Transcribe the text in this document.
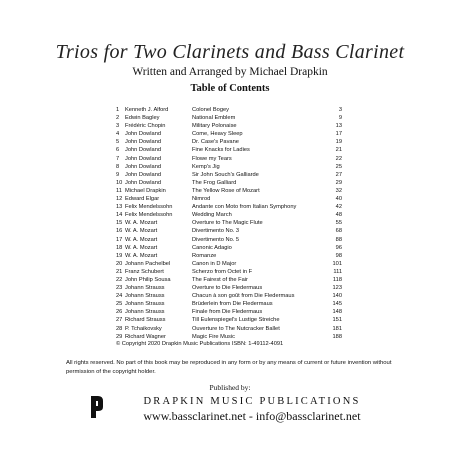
Trios for Two Clarinets and Bass Clarinet
Written and Arranged by Michael Drapkin
Table of Contents
1 Kenneth J. Alford	Colonel Bogey	3
2 Edwin Bagley	National Emblem	9
3 Frédéric Chopin	Military Polonaise	13
4 John Dowland	Come, Heavy Sleep	17
5 John Dowland	Dr. Case's Pavane	19
6 John Dowland	Fine Knacks for Ladies	21
7 John Dowland	Flowe my Tears	22
8 John Dowland	Kemp's Jig	25
9 John Dowland	Sir John Souch's Galliarde	27
10 John Dowland	The Frog Galliard	29
11 Michael Drapkin	The Yellow Rose of Mozart	32
12 Edward Elgar	Nimrod	40
13 Felix Mendelssohn	Andante con Moto from Italian Symphony	42
14 Felix Mendelssohn	Wedding March	48
15 W. A. Mozart	Overture to The Magic Flute	55
16 W. A. Mozart	Divertimento No. 3	68
17 W. A. Mozart	Divertimento No. 5	88
18 W. A. Mozart	Canonic Adagio	96
19 W. A. Mozart	Romanze	98
20 Johann Pachelbel	Canon in D Major	101
21 Franz Schubert	Scherzo from Octet in F	111
22 John Philip Sousa	The Fairest of the Fair	118
23 Johann Strauss	Overture to Die Fledermaus	123
24 Johann Strauss	Chacun à son goût from Die Fledermaus	140
25 Johann Strauss	Brüderlein from Die Fledermaus	145
26 Johann Strauss	Finale from Die Fledermaus	148
27 Richard Strauss	Till Eulenspiegel's Lustige Streiche	151
28 P. Tchaikovsky	Ouverture to The Nutcracker Ballet	181
29 Richard Wagner	Magic Fire Music	188
© Copyright 2020 Drapkin Music Publications ISBN: 1-49112-4091
All rights reserved. No part of this book may be reproduced in any form or by any means of current or future invention without permission of the copyright holder.
Published by:
DRAPKIN MUSIC PUBLICATIONS
www.bassclarinet.net - info@bassclarinet.net
